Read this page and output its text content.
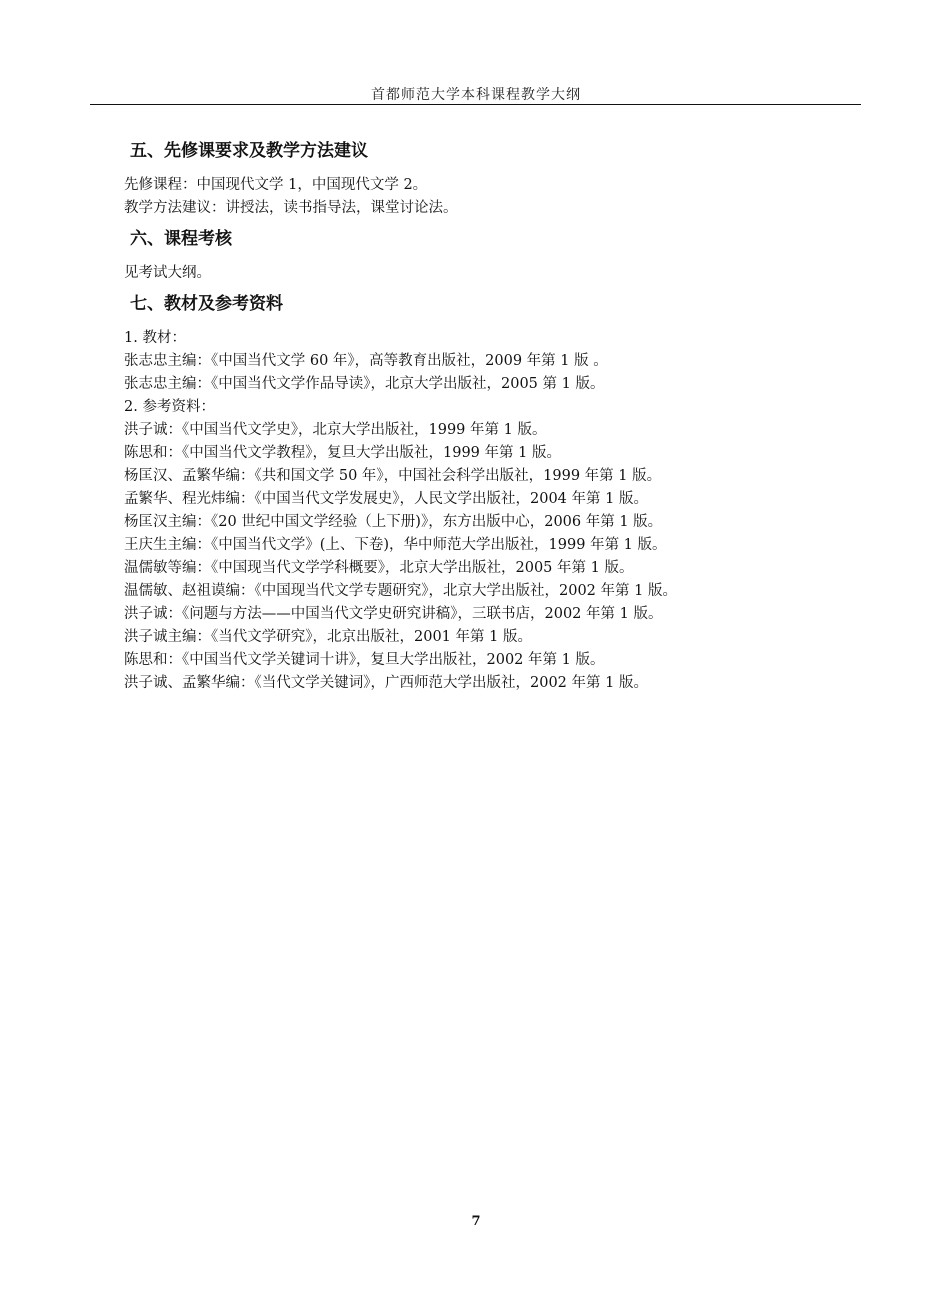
首都师范大学本科课程教学大纲
五、先修课要求及教学方法建议
先修课程：中国现代文学 1，中国现代文学 2。
教学方法建议：讲授法，读书指导法，课堂讨论法。
六、课程考核
见考试大纲。
七、教材及参考资料
1. 教材：
张志忠主编：《中国当代文学 60 年》，高等教育出版社，2009 年第 1 版 。
张志忠主编：《中国当代文学作品导读》，北京大学出版社，2005 第 1 版。
2. 参考资料：
洪子诚：《中国当代文学史》，北京大学出版社，1999 年第 1 版。
陈思和：《中国当代文学教程》，复旦大学出版社，1999 年第 1 版。
杨匡汉、孟繁华编：《共和国文学 50 年》，中国社会科学出版社，1999 年第 1 版。
孟繁华、程光炜编：《中国当代文学发展史》，人民文学出版社，2004 年第 1 版。
杨匡汉主编：《20 世纪中国文学经验（上下册)》，东方出版中心，2006 年第 1 版。
王庆生主编：《中国当代文学》(上、下卷)，华中师范大学出版社，1999 年第 1 版。
温儒敏等编：《中国现当代文学学科概要》，北京大学出版社，2005 年第 1 版。
温儒敏、赵祖谟编：《中国现当代文学专题研究》，北京大学出版社，2002 年第 1 版。
洪子诚：《问题与方法——中国当代文学史研究讲稿》，三联书店，2002 年第 1 版。
洪子诚主编：《当代文学研究》，北京出版社，2001 年第 1 版。
陈思和：《中国当代文学关键词十讲》，复旦大学出版社，2002 年第 1 版。
洪子诚、孟繁华编：《当代文学关键词》，广西师范大学出版社，2002 年第 1 版。
7
